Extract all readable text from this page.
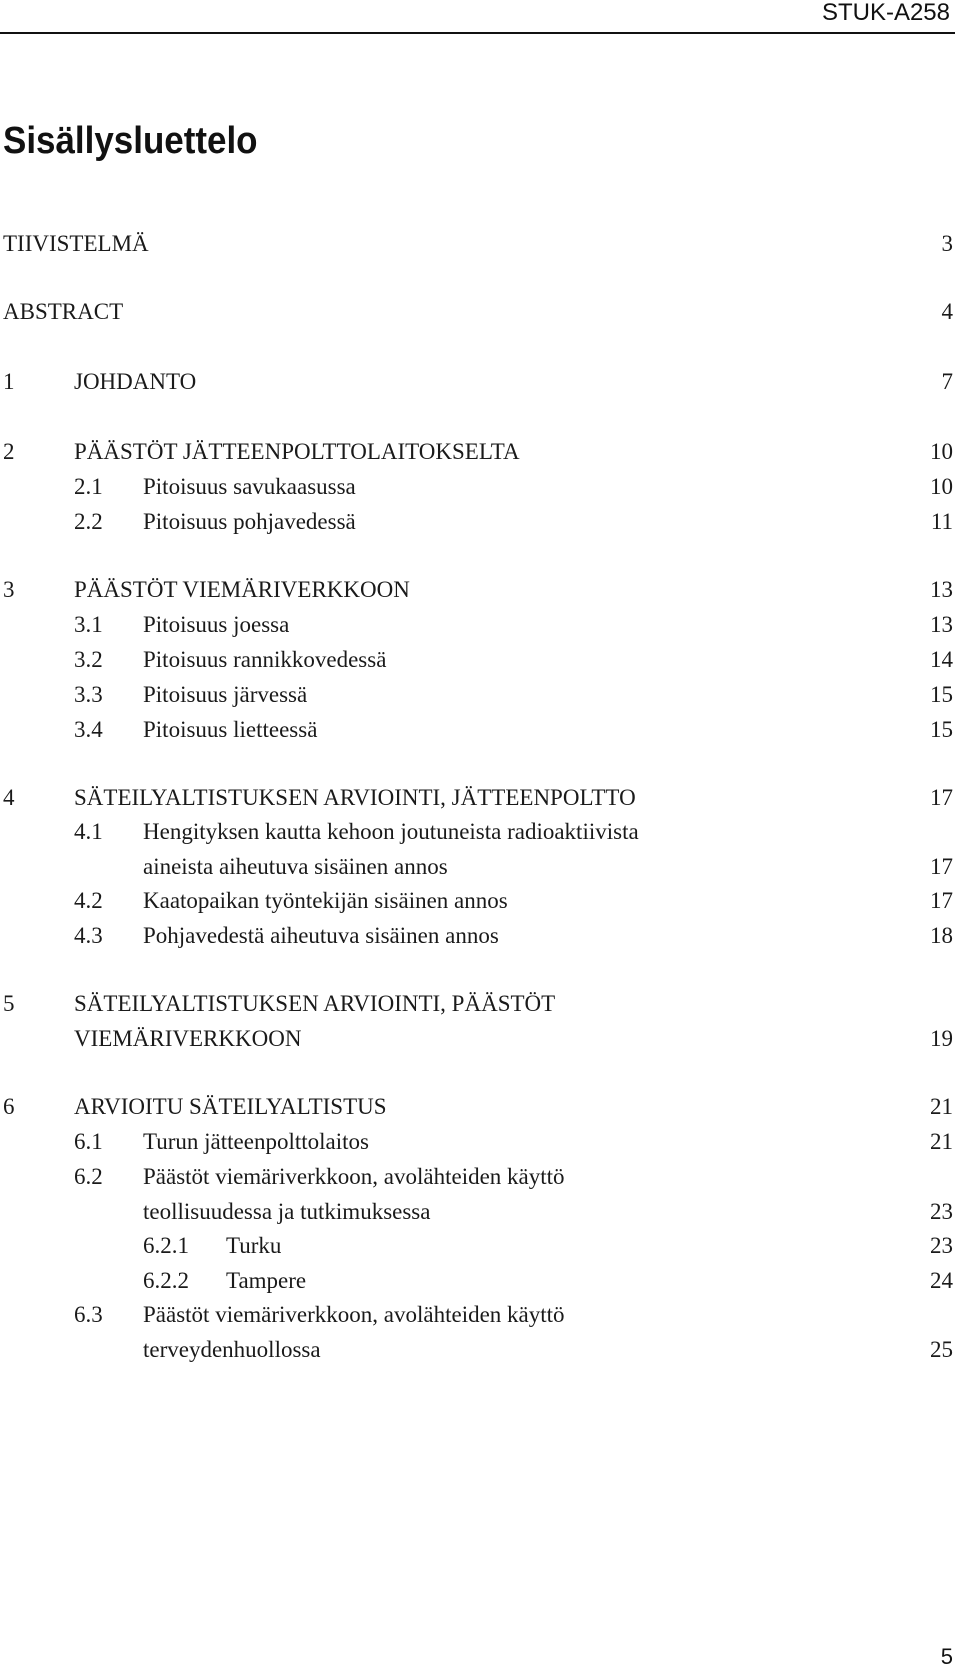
STUK-A258
Sisällysluettelo
TIIVISTELMÄ	3
ABSTRACT	4
1	JOHDANTO	7
2	PÄÄSTÖT JÄTTEENPOLTTOLAITOKSELTA	10
2.1 Pitoisuus savukaasussa	10
2.2 Pitoisuus pohjavedessä	11
3	PÄÄSTÖT VIEMÄRIVERKKOON	13
3.1 Pitoisuus joessa	13
3.2 Pitoisuus rannikkovedessä	14
3.3 Pitoisuus järvessä	15
3.4 Pitoisuus lietteessä	15
4	SÄTEILYALTISTUKSEN ARVIOINTI, JÄTTEENPOLTTO	17
4.1 Hengityksen kautta kehoon joutuneista radioaktiivista
aineista aiheutuva sisäinen annos	17
4.2 Kaatopaikan työntekijän sisäinen annos	17
4.3 Pohjavedestä aiheutuva sisäinen annos	18
5	SÄTEILYALTISTUKSEN ARVIOINTI, PÄÄSTÖT
VIEMÄRIVERKKOON	19
6	ARVIOITU SÄTEILYALTISTUS	21
6.1 Turun jätteenpolttolaitos	21
6.2 Päästöt viemäriverkkoon, avolähteiden käyttö
teollisuudessa ja tutkimuksessa	23
6.2.1 Turku	23
6.2.2 Tampere	24
6.3 Päästöt viemäriverkkoon, avolähteiden käyttö
terveydenhuollossa	25
5
